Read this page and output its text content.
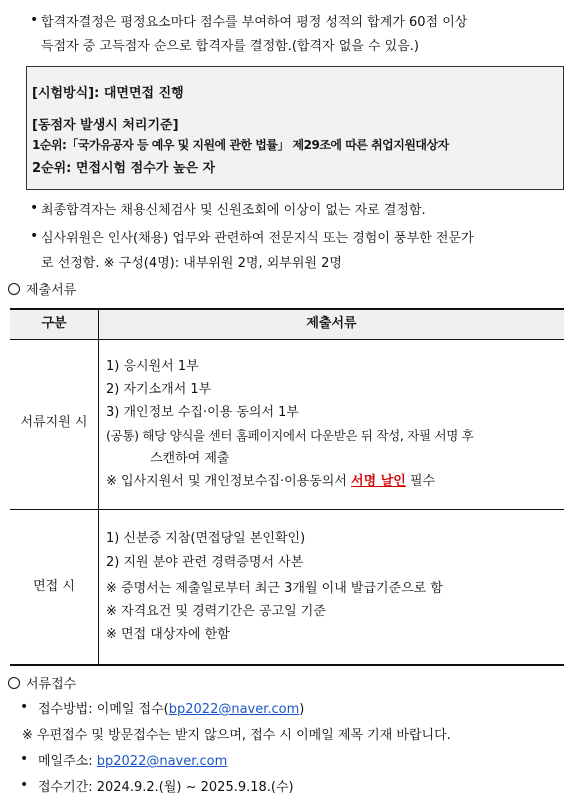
• 합격자결정은 평정요소마다 점수를 부여하여 평정 성적의 합계가 60점 이상
득점자 중 고득점자 순으로 합격자를 결정함.(합격자 없을 수 있음.)
[시험방식]: 대면면접 진행
[동점자 발생시 처리기준]
1순위:「국가유공자 등 예우 및 지원에 관한 법률」 제29조에 따른 취업지원대상자
2순위: 면접시험 점수가 높은 자
• 최종합격자는 채용신체검사 및 신원조회에 이상이 없는 자로 결정함.
• 심사위원은 인사(채용) 업무와 관련하여 전문지식 또는 경험이 풍부한 전문가
로 선정함. ※ 구성(4명): 내부위원 2명, 외부위원 2명
제출서류
구분	제출서류
서류지원 시
1) 응시원서 1부
2) 자기소개서 1부
3) 개인정보 수집·이용 동의서 1부
(공통) 해당 양식을 센터 홈페이지에서 다운받은 뒤 작성, 자필 서명 후
스캔하여 제출
※ 입사지원서 및 개인정보수집·이용동의서 서명 날인 필수
면접 시
1) 신분증 지참(면접당일 본인확인)
2) 지원 분야 관련 경력증명서 사본
※ 증명서는 제출일로부터 최근 3개월 이내 발급기준으로 함
※ 자격요건 및 경력기간은 공고일 기준
※ 면접 대상자에 한함
서류접수
• 접수방법: 이메일 접수(bp2022@naver.com)
※ 우편접수 및 방문접수는 받지 않으며, 접수 시 이메일 제목 기재 바랍니다.
• 메일주소: bp2022@naver.com
• 접수기간: 2024.9.2.(월) ~ 2025.9.18.(수)
